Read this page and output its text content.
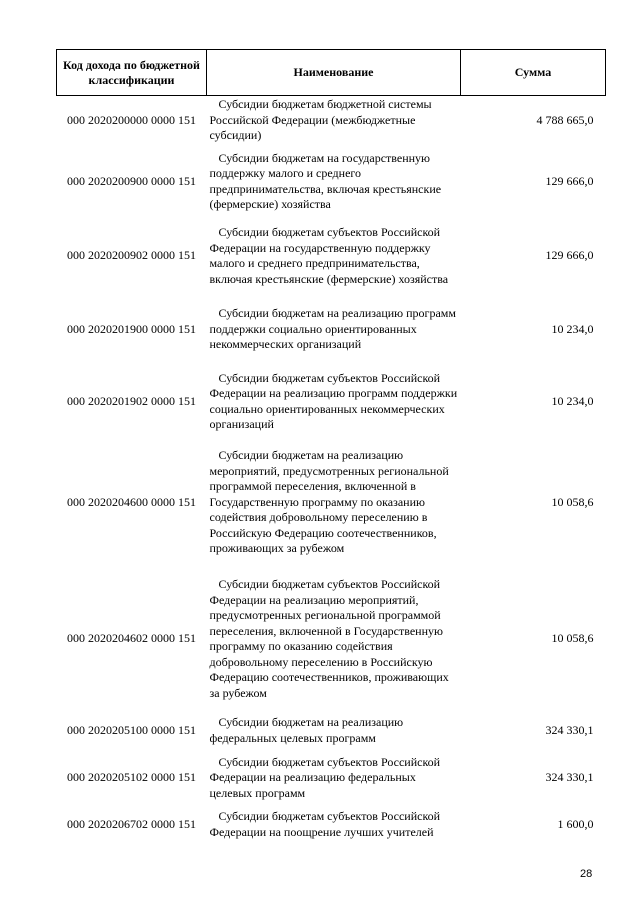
Код дохода по бюджетной классификации	Наименование	Сумма
000 2020200000 0000 151	Субсидии бюджетам бюджетной системы Российской Федерации (межбюджетные субсидии)	4 788 665,0
000 2020200900 0000 151	Субсидии бюджетам на государственную поддержку малого и среднего предпринимательства, включая крестьянские (фермерские) хозяйства	129 666,0
000 2020200902 0000 151	Субсидии бюджетам субъектов Российской Федерации на государственную поддержку малого и среднего предпринимательства, включая крестьянские (фермерские) хозяйства	129 666,0
000 2020201900 0000 151	Субсидии бюджетам на реализацию программ поддержки социально ориентированных некоммерческих организаций	10 234,0
000 2020201902 0000 151	Субсидии бюджетам субъектов Российской Федерации на реализацию программ поддержки социально ориентированных некоммерческих организаций	10 234,0
000 2020204600 0000 151	Субсидии бюджетам на реализацию мероприятий, предусмотренных региональной программой переселения, включенной в Государственную программу по оказанию содействия добровольному переселению в Российскую Федерацию соотечественников, проживающих за рубежом	10 058,6
000 2020204602 0000 151	Субсидии бюджетам субъектов Российской Федерации на реализацию мероприятий, предусмотренных региональной программой переселения, включенной в Государственную программу по оказанию содействия добровольному переселению в Российскую Федерацию соотечественников, проживающих за рубежом	10 058,6
000 2020205100 0000 151	Субсидии бюджетам на реализацию федеральных целевых программ	324 330,1
000 2020205102 0000 151	Субсидии бюджетам субъектов Российской Федерации на реализацию федеральных целевых программ	324 330,1
000 2020206702 0000 151	Субсидии бюджетам субъектов Российской Федерации на поощрение лучших учителей	1 600,0
28
